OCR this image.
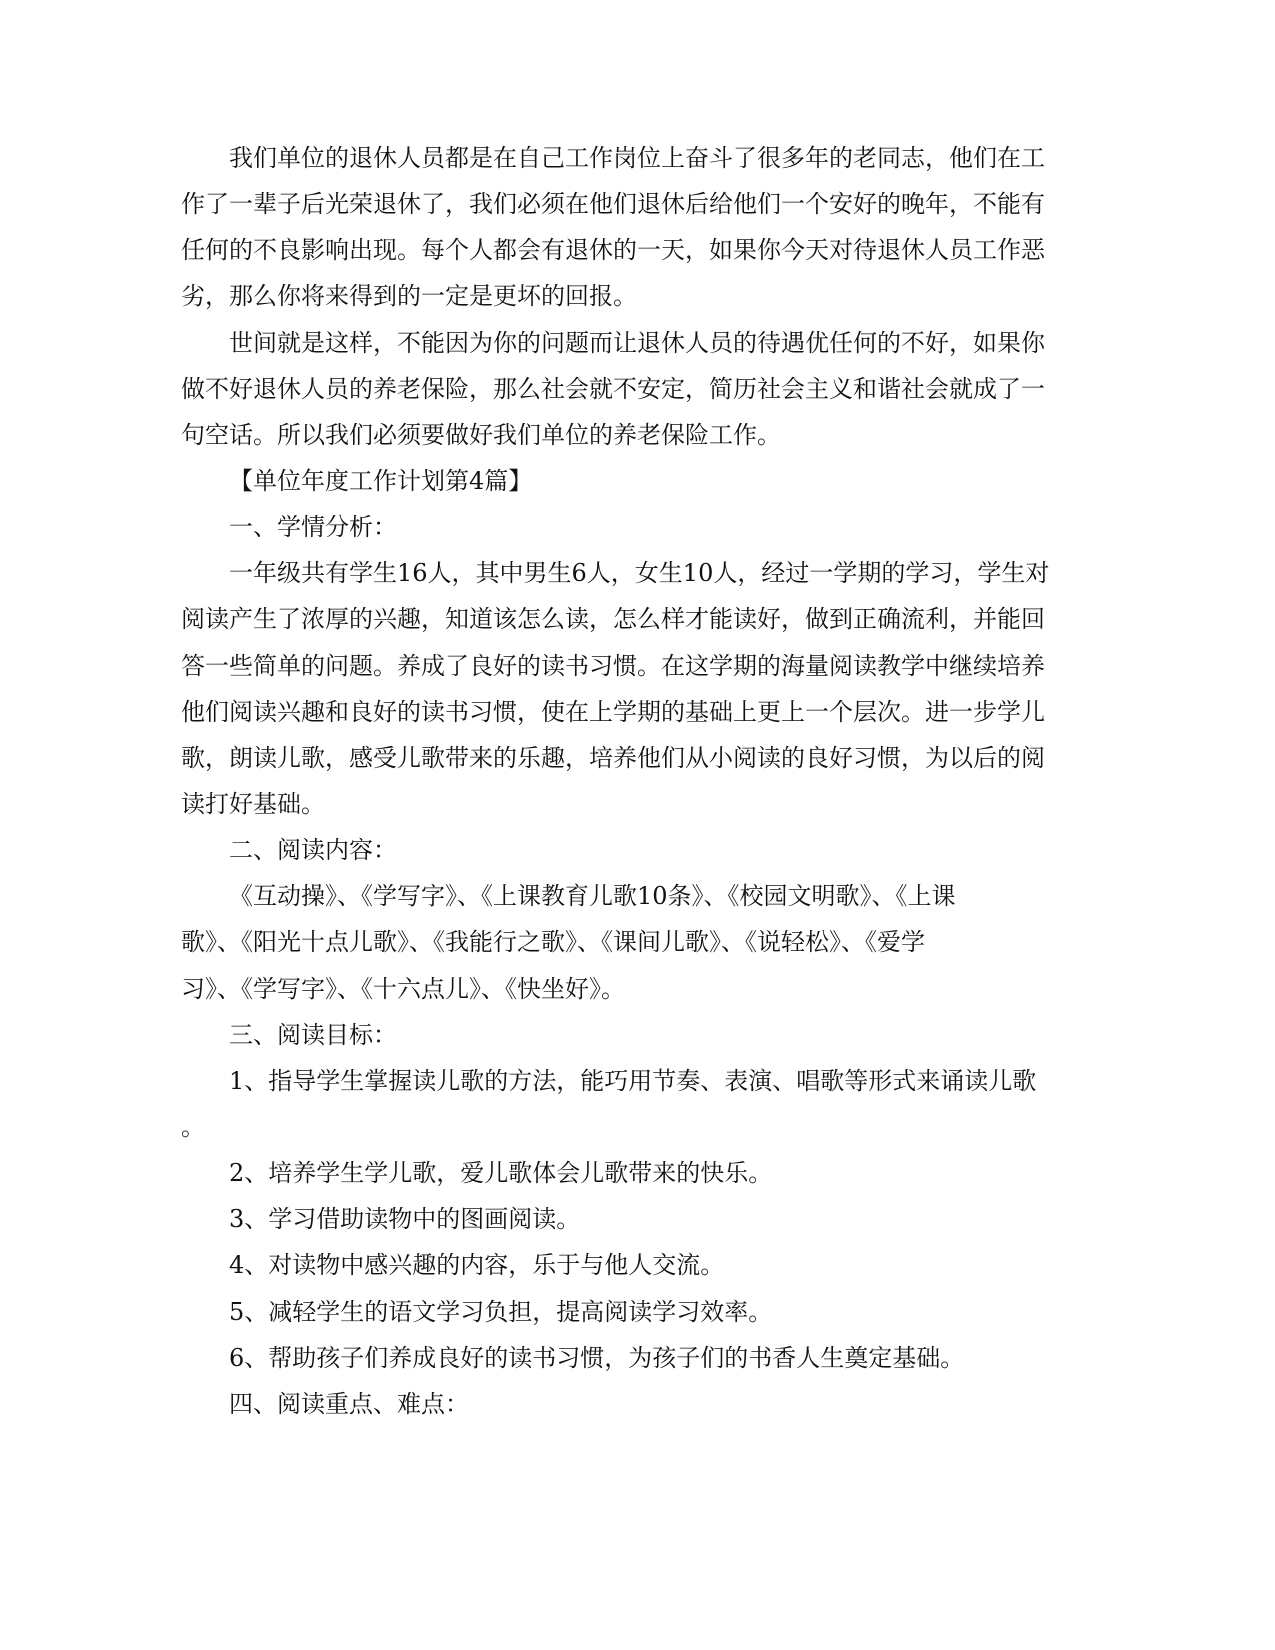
我们单位的退休人员都是在自己工作岗位上奋斗了很多年的老同志，他们在工
作了一辈子后光荣退休了，我们必须在他们退休后给他们一个安好的晚年，不能有
任何的不良影响出现。每个人都会有退休的一天，如果你今天对待退休人员工作恶
劣，那么你将来得到的一定是更坏的回报。
世间就是这样，不能因为你的问题而让退休人员的待遇优任何的不好，如果你
做不好退休人员的养老保险，那么社会就不安定，简历社会主义和谐社会就成了一
句空话。所以我们必须要做好我们单位的养老保险工作。
【单位年度工作计划第4篇】
一、学情分析：
一年级共有学生16人，其中男生6人，女生10人，经过一学期的学习，学生对
阅读产生了浓厚的兴趣，知道该怎么读，怎么样才能读好，做到正确流利，并能回
答一些简单的问题。养成了良好的读书习惯。在这学期的海量阅读教学中继续培养
他们阅读兴趣和良好的读书习惯，使在上学期的基础上更上一个层次。进一步学儿
歌，朗读儿歌，感受儿歌带来的乐趣，培养他们从小阅读的良好习惯，为以后的阅
读打好基础。
二、阅读内容：
《互动操》、《学写字》、《上课教育儿歌10条》、《校园文明歌》、《上课
歌》、《阳光十点儿歌》、《我能行之歌》、《课间儿歌》、《说轻松》、《爱学
习》、《学写字》、《十六点儿》、《快坐好》。
三、阅读目标：
1、指导学生掌握读儿歌的方法，能巧用节奏、表演、唱歌等形式来诵读儿歌
。
2、培养学生学儿歌，爱儿歌体会儿歌带来的快乐。
3、学习借助读物中的图画阅读。
4、对读物中感兴趣的内容，乐于与他人交流。
5、减轻学生的语文学习负担，提高阅读学习效率。
6、帮助孩子们养成良好的读书习惯，为孩子们的书香人生奠定基础。
四、阅读重点、难点：
